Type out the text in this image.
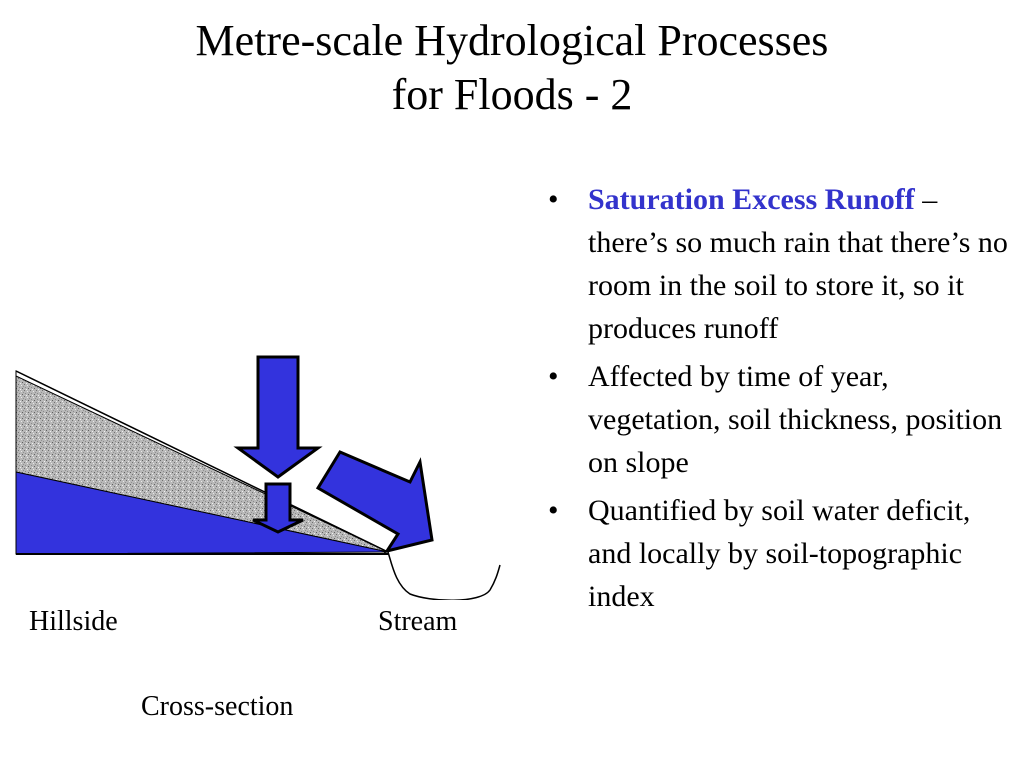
Metre-scale Hydrological Processes
for Floods - 2
Hillside	Stream
Cross-section
• Saturation Excess Runoff – there’s so much rain that there’s no room in the soil to store it, so it produces runoff
• Affected by time of year, vegetation, soil thickness, position on slope
• Quantified by soil water deficit, and locally by soil-topographic index
